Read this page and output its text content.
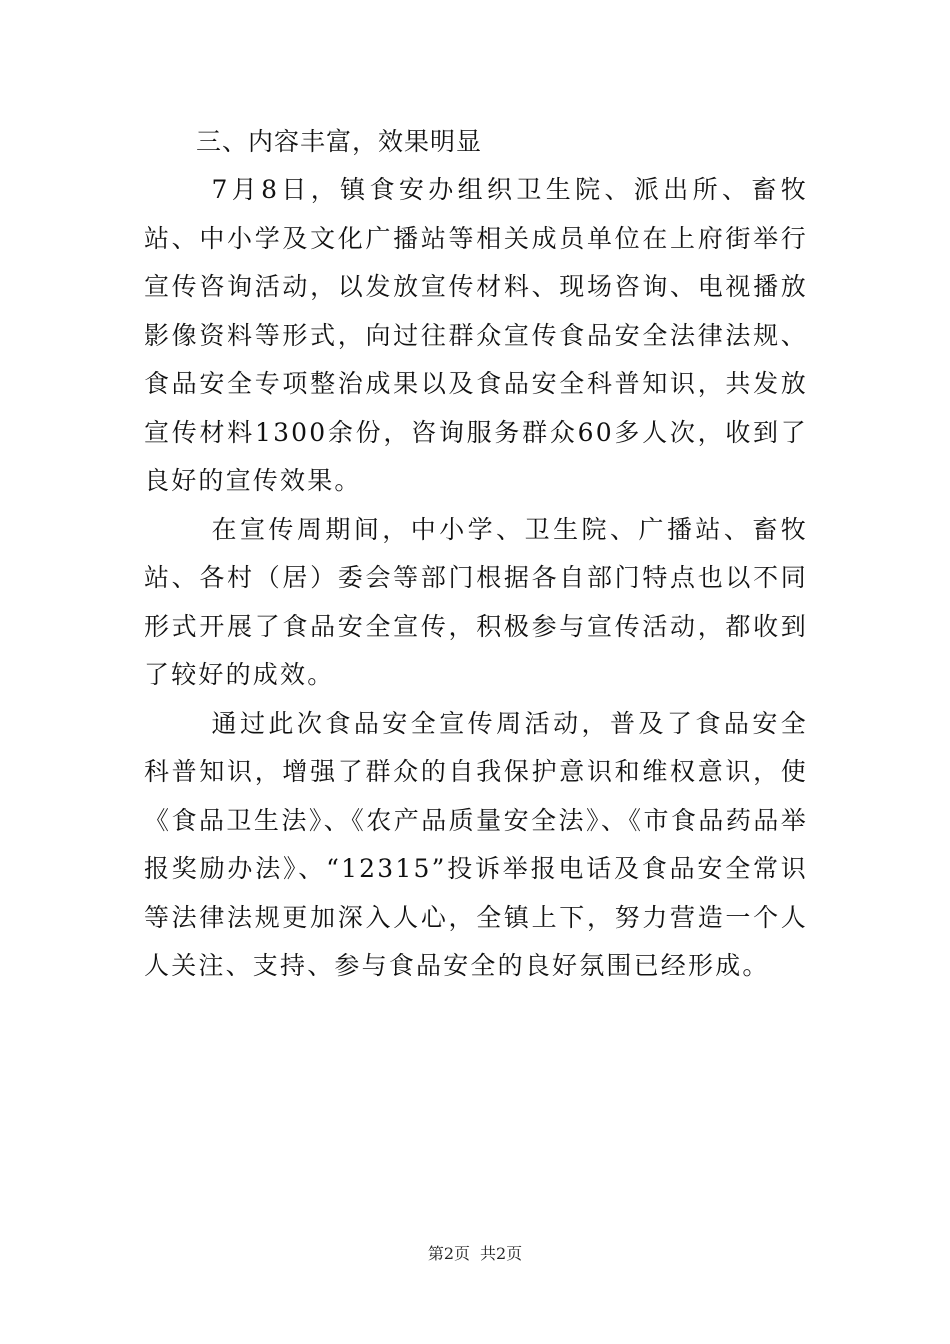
三、内容丰富，效果明显

7月8日，镇食安办组织卫生院、派出所、畜牧站、中小学及文化广播站等相关成员单位在上府街举行宣传咨询活动，以发放宣传材料、现场咨询、电视播放影像资料等形式，向过往群众宣传食品安全法律法规、食品安全专项整治成果以及食品安全科普知识，共发放宣传材料1300余份，咨询服务群众60多人次，收到了良好的宣传效果。

在宣传周期间，中小学、卫生院、广播站、畜牧站、各村（居）委会等部门根据各自部门特点也以不同形式开展了食品安全宣传，积极参与宣传活动，都收到了较好的成效。

通过此次食品安全宣传周活动，普及了食品安全科普知识，增强了群众的自我保护意识和维权意识，使《食品卫生法》、《农产品质量安全法》、《市食品药品举报奖励办法》、“12315”投诉举报电话及食品安全常识等法律法规更加深入人心，全镇上下，努力营造一个人人关注、支持、参与食品安全的良好氛围已经形成。

第2页 共2页
